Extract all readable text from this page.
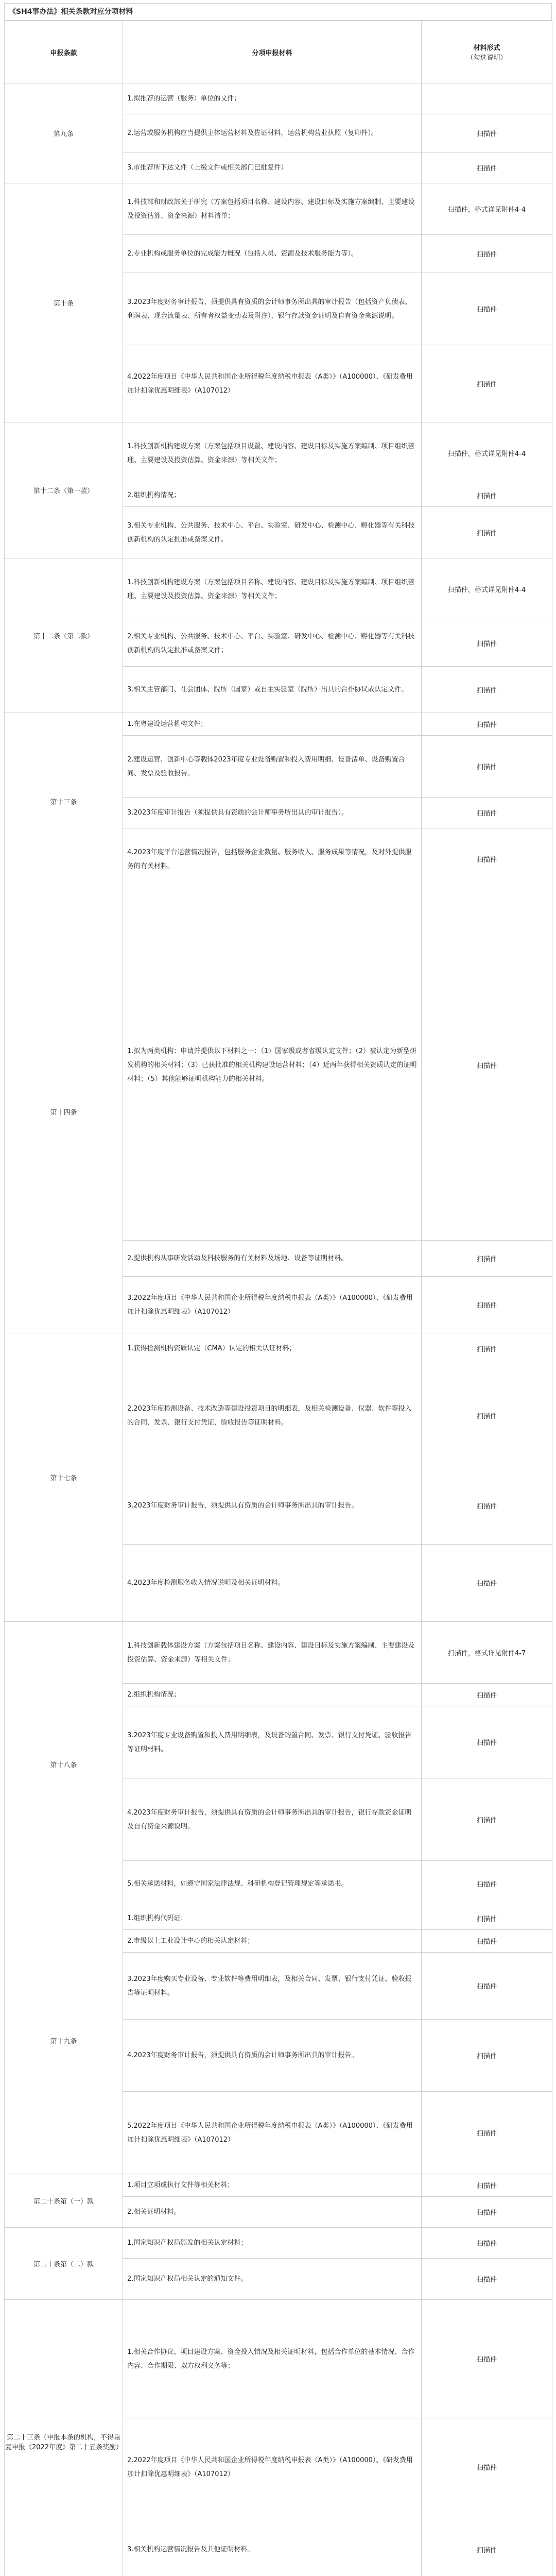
《SH4事办法》相关条款对应分项材料
申报条款	分项申报材料	材料形式
（勾选说明）

第九条	1.拟推荐的运营（服务）单位的文件；	
	2.运营或服务机构应当提供主体运营材料及佐证材料，运营机构营业执照（复印件）。	扫描件
	3.市推荐所下达文件（上级文件或相关部门已批复件）	扫描件
第十条	1.科技部和财政部关于研究（方案包括项目名称、建设内容、建设目标及实施方案编制、主要建设及投资估算、资金来源）材料清单；	扫描件，格式详见附件4-4
	2.专业机构或服务单位的完成能力概况（包括人员、资源及技术服务能力等）。	扫描件
	3.2023年度财务审计报告，须提供具有资质的会计师事务所出具的审计报告（包括资产负债表、利润表、现金流量表、所有者权益变动表及附注），银行存款资金证明及自有资金来源说明。	扫描件
	4.2022年度项目《中华人民共和国企业所得税年度纳税申报表（A类）》（A100000）、《研发费用加计扣除优惠明细表》（A107012）	扫描件
第十二条（第一款）	1.科技创新机构建设方案（方案包括项目设置、建设内容、建设目标及实施方案编制、项目组织管理、主要建设及投资估算、资金来源）等相关文件；	扫描件，格式详见附件4-4
	2.组织机构情况；	扫描件
	3.相关专业机构、公共服务、技术中心、平台、实验室、研发中心、检测中心、孵化器等有关科技创新机构的认定批准或备案文件。	扫描件
第十二条（第二款）	1.科技创新机构建设方案（方案包括项目名称、建设内容、建设目标及实施方案编制、项目组织管理、主要建设及投资估算、资金来源）等相关文件；	扫描件，格式详见附件4-4
	2.相关专业机构、公共服务、技术中心、平台、实验室、研发中心、检测中心、孵化器等有关科技创新机构的认定批准或备案文件；	扫描件
	3.相关主管部门、社会团体、院所（国家）或自主实验室（院所）出具的合作协议或认定文件。	扫描件
第十三条	1.在粤建设运营机构文件；	扫描件
	2.建设运营、创新中心等载体2023年度专业设备购置和投入费用明细、设备清单、设备购置合同、发票及验收报告。	扫描件
	3.2023年度审计报告（须提供具有资质的会计师事务所出具的审计报告）。	扫描件
	4.2023年度平台运营情况报告，包括服务企业数量、服务收入、服务成果等情况，及对外提供服务的有关材料。	扫描件
第十四条	1.拟为两类机构：申请并提供以下材料之一：（1）国家级或者省级认定文件；（2）被认定为新型研发机构的相关材料；（3）已获批准的相关机构建设运营材料；（4）近两年获得相关资质认定的证明材料；（5）其他能够证明机构能力的相关材料。	扫描件
	2.提供机构从事研发活动及科技服务的有关材料及场地、设备等证明材料。	扫描件
	3.2022年度项目《中华人民共和国企业所得税年度纳税申报表（A类）》（A100000）、《研发费用加计扣除优惠明细表》（A107012）	扫描件
第十七条	1.获得检测机构资质认定（CMA）认定的相关认证材料；	扫描件
	2.2023年度检测设备、技术改造等建设投资项目的明细表，及相关检测设备、仪器、软件等投入的合同、发票、银行支付凭证、验收报告等证明材料。	扫描件
	3.2023年度财务审计报告，须提供具有资质的会计师事务所出具的审计报告。	扫描件
	4.2023年度检测服务收入情况说明及相关证明材料。	扫描件
第十八条	1.科技创新载体建设方案（方案包括项目名称、建设内容、建设目标及实施方案编制、主要建设及投资估算、资金来源）等相关文件；	扫描件，格式详见附件4-7
	2.组织机构情况；	扫描件
	3.2023年度专业设备购置和投入费用明细表，及设备购置合同、发票、银行支付凭证、验收报告等证明材料。	扫描件
	4.2023年度财务审计报告，须提供具有资质的会计师事务所出具的审计报告，银行存款资金证明及自有资金来源说明。	扫描件
	5.相关承诺材料，如遵守国家法律法规、科研机构登记管理规定等承诺书。	扫描件
第十九条	1.组织机构代码证；	扫描件
	2.市级以上工业设计中心的相关认定材料；	扫描件
	3.2023年度购买专业设备、专业软件等费用明细表，及相关合同、发票、银行支付凭证、验收报告等证明材料。	扫描件
	4.2023年度财务审计报告，须提供具有资质的会计师事务所出具的审计报告。	扫描件
	5.2022年度项目《中华人民共和国企业所得税年度纳税申报表（A类）》（A100000）、《研发费用加计扣除优惠明细表》（A107012）	扫描件
第二十条第（一）款	1.项目立项或执行文件等相关材料；	扫描件
	2.相关证明材料。	扫描件
第二十条第（二）款	1.国家知识产权局颁发的相关认定材料；	扫描件
	2.国家知识产权局相关认定的通知文件。	扫描件
第二十三条（申报本条的机构，不得重复申报《2022年度》第二十五条奖励）	1.相关合作协议、项目建设方案、资金投入情况及相关证明材料，包括合作单位的基本情况、合作内容、合作期限、双方权利义务等；	扫描件
	2.2022年度项目《中华人民共和国企业所得税年度纳税申报表（A类）》（A100000）、《研发费用加计扣除优惠明细表》（A107012）	扫描件
	3.相关机构运营情况报告及其他证明材料。	扫描件
